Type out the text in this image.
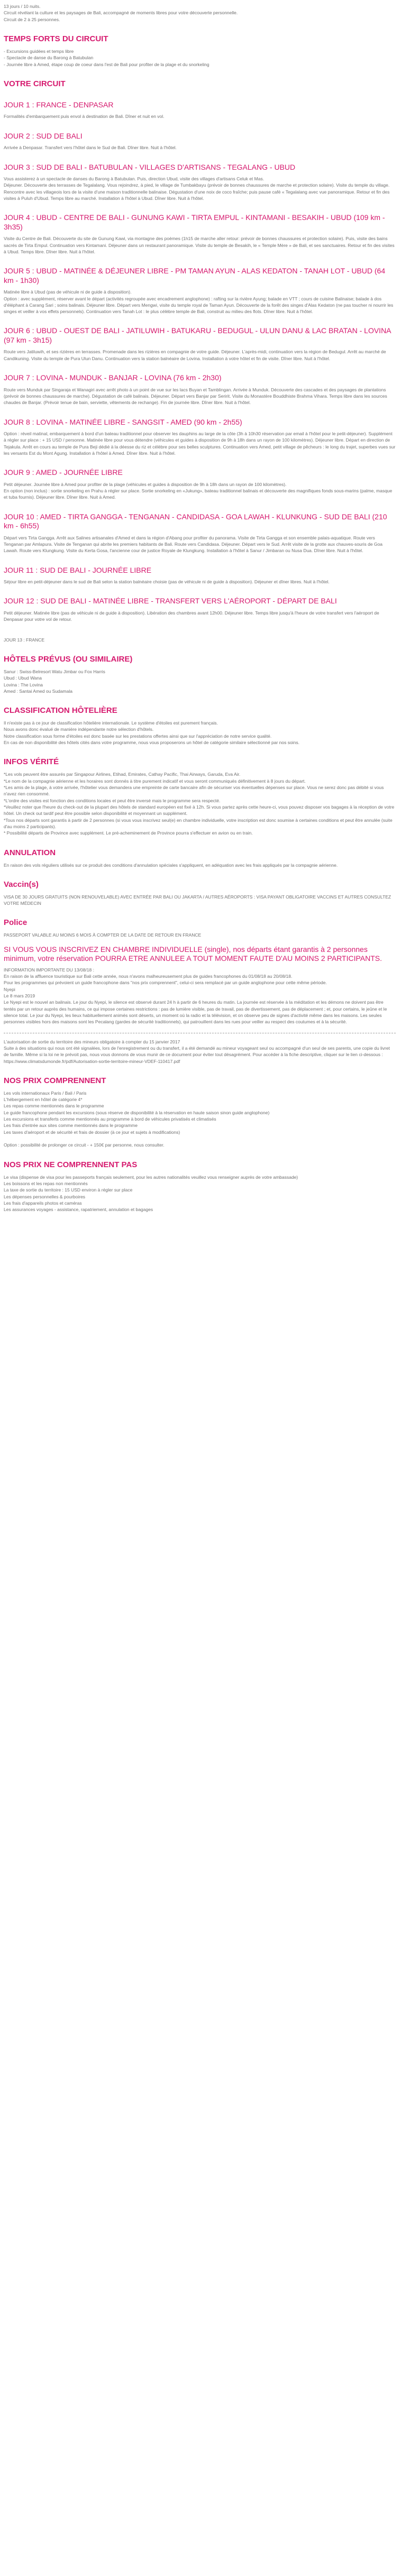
13 jours / 10 nuits.

Circuit révélant la culture et les paysages de Bali, accompagné de moments libres pour votre découverte personnelle.

Circuit de 2 à 25 personnes.

TEMPS FORTS DU CIRCUIT
- Excursions guidées et temps libre
- Spectacle de danse du Barong à Batubulan
- Journée libre à Amed, étape coup de coeur dans l'est de Bali pour profiter de la plage et du snorkeling
VOTRE CIRCUIT
JOUR 1 : FRANCE - DENPASAR

Formalités d'embarquement puis envol à destination de Bali. Dîner et nuit en vol.

JOUR 2 : SUD DE BALI

Arrivée à Denpasar. Transfert vers l'hôtel dans le Sud de Bali. Dîner libre. Nuit à l'hôtel.

JOUR 3 : SUD DE BALI - BATUBULAN - VILLAGES D'ARTISANS - TEGALANG - UBUD

Vous assisterez à un spectacle de danses du Barong à Batubulan. Puis, direction Ubud, visite des villages d'artisans Celuk et Mas.

Déjeuner. Découverte des terrasses de Tegalalang. Vous rejoindrez, à pied, le village de Tumbakbayu (prévoir de bonnes chaussures de marche et protection solaire). Visite du temple du village. Rencontre avec les villageois lors de la visite d'une maison traditionnelle balinaise. Dégustation d'une noix de coco fraîche; puis pause café « Tegalalang avec vue panoramique. Retour et fin des visites à Puluh d'Ubud. Temps libre au marché. Installation à l'hôtel à Ubud. Dîner libre. Nuit à l'hôtel.

JOUR 4 : UBUD - CENTRE DE BALI - GUNUNG KAWI - TIRTA EMPUL - KINTAMANI - BESAKIH - UBUD (109 km - 3h35)

Visite du Centre de Bali. Découverte du site de Gunung Kawi, via montagne des poèmes (1h15 de marche aller retour: prévoir de bonnes chaussures et protection solaire). Puis, visite des bains sacrés de Tirta Empul. Continuation vers Kintamani. Déjeuner dans un restaurant panoramique. Visite du temple de Besakih, le « Temple Mère » de Bali, et ses sanctuaires. Retour et fin des visites à Ubud. Temps libre. Dîner libre. Nuit à l'hôtel.

JOUR 5 : UBUD - MATINÉE & DÉJEUNER LIBRE - PM TAMAN AYUN - ALAS KEDATON - TANAH LOT - UBUD (64 km - 1h30)

Matinée libre à Ubud (pas de véhicule ni de guide à disposition).

Option : avec supplément, réserver avant le départ (activités regroupée avec encadrement anglophone) : rafting sur la rivière Ayung; balade en VTT ; cours de cuisine Balinaise; balade à dos d'éléphant à Carang Sari ; soins balinais. Déjeuner libre. Départ vers Mengwi, visite du temple royal de Taman Ayun. Découverte de la forêt des singes d'Alas Kedaton (ne pas toucher ni nourrir les singes et veiller à vos effets personnels). Continuation vers Tanah Lot : le plus célèbre temple de Bali, construit au milieu des flots. Dîner libre. Nuit à l'hôtel.

JOUR 6 : UBUD - OUEST DE BALI - JATILUWIH - BATUKARU - BEDUGUL - ULUN DANU & LAC BRATAN - LOVINA (97 km - 3h15)

Route vers Jatiluwih, et ses rizières en terrasses. Promenade dans les rizières en compagnie de votre guide. Déjeuner. L'après-midi, continuation vers la région de Bedugul. Arrêt au marché de Candikuning. Visite du temple de Pura Ulun Danu. Continuation vers la station balnéaire de Lovina. Installation à votre hôtel et fin de visite. Dîner libre. Nuit à l'hôtel.

JOUR 7 : LOVINA - MUNDUK - BANJAR - LOVINA (76 km - 2h30)

Route vers Munduk par Singaraja et Wanagiri avec arrêt photo à un point de vue sur les lacs Buyan et Tamblingan. Arrivée à Munduk. Découverte des cascades et des paysages de plantations (prévoir de bonnes chaussures de marche). Dégustation de café balinais. Déjeuner. Départ vers Banjar par Seririt. Visite du Monastère Bouddhiste Brahma Vihara. Temps libre dans les sources chaudes de Banjar. (Prévoir tenue de bain, serviette, vêtements de rechange). Fin de journée libre. Dîner libre. Nuit à l'hôtel.

JOUR 8 : LOVINA - MATINÉE LIBRE - SANGSIT - AMED (90 km - 2h55)

Option : réveil matinal, embarquement à bord d'un bateau traditionnel pour observer les dauphins au large de la côte (3h à 10h30 réservation par email à l'hôtel pour le petit-déjeuner). Supplément à régler sur place : + 15 USD / personne. Matinée libre pour vous détendre (véhicules et guides à disposition de 9h à 18h dans un rayon de 100 kilomètres). Déjeuner libre. Départ en direction de Tejakula. Arrêt en cours au temple de Pura Beji dédié à la déesse du riz et célèbre pour ses belles sculptures. Continuation vers Amed, petit village de pêcheurs : le long du trajet, superbes vues sur les versants Est du Mont Agung. Installation à l'hôtel à Amed. Dîner libre. Nuit à l'hôtel.

JOUR 9 : AMED - JOURNÉE LIBRE

Petit déjeuner. Journée libre à Amed pour profiter de la plage (véhicules et guides à disposition de 9h à 18h dans un rayon de 100 kilomètres).

En option (non inclus) : sortie snorkeling en Prahu à régler sur place. Sortie snorkeling en «Jukung», bateau traditionnel balinais et découverte des magnifiques fonds sous-marins (palme, masque et tuba fournis). Déjeuner libre. Dîner libre. Nuit à Amed.

JOUR 10 : AMED - TIRTA GANGGA - TENGANAN - CANDIDASA - GOA LAWAH - KLUNKUNG - SUD DE BALI (210 km - 6h55)

Départ vers Tirta Gangga. Arrêt aux Salines artisanales d'Amed et dans la région d'Abang pour profiter du panorama. Visite de Tirta Gangga et son ensemble palais-aquatique. Route vers Tenganan par Amlapura. Visite de Tenganan qui abrite les premiers habitants de Bali. Route vers Candidasa. Déjeuner. Départ vers le Sud. Arrêt visite de la grotte aux chauves-souris de Goa Lawah. Route vers Klungkung. Visite du Kerta Gosa, l'ancienne cour de justice Royale de Klungkung. Installation à l'hôtel à Sanur / Jimbaran ou Nusa Dua. Dîner libre. Nuit à l'hôtel.

JOUR 11 : SUD DE BALI - JOURNÉE LIBRE

Séjour libre en petit-déjeuner dans le sud de Bali selon la station balnéaire choisie (pas de véhicule ni de guide à disposition). Déjeuner et dîner libres. Nuit à l'hôtel.

JOUR 12 : SUD DE BALI - MATINÉE LIBRE - TRANSFERT VERS L'AÉROPORT - DÉPART DE BALI

Petit déjeuner. Matinée libre (pas de véhicule ni de guide à disposition). Libération des chambres avant 12h00. Déjeuner libre. Temps libre jusqu'à l'heure de votre transfert vers l'aéroport de Denpasar pour votre vol de retour.

JOUR 13 : FRANCE

HÔTELS PRÉVUS (OU SIMILAIRE)
Sanur : Swiss-Belresort Watu Jimbar ou Fox Harris
Ubud : Ubud Wana
Lovina : The Lovina
Amed : Santai Amed ou Sudamala
CLASSIFICATION HÔTELIÈRE

Il n'existe pas à ce jour de classification hôtelière internationale. Le système d'étoiles est purement français.

Nous avons donc évalué de manière indépendante notre sélection d'hôtels.

Notre classification sous forme d'étoiles est donc basée sur les prestations offertes ainsi que sur l'appréciation de notre service qualité.

En cas de non disponibilité des hôtels cités dans votre programme, nous vous proposerons un hôtel de catégorie similaire sélectionné par nos soins.

INFOS VÉRITÉ

*Les vols peuvent être assurés par Singapour Airlines, Etihad, Emirates, Cathay Pacific, Thai Airways, Garuda, Eva Air.

*Le nom de la compagnie aérienne et les horaires sont donnés à titre purement indicatif et vous seront communiqués définitivement à 8 jours du départ.

*Les amis de la plage, à votre arrivée, l'hôtelier vous demandera une empreinte de carte bancaire afin de sécuriser vos éventuelles dépenses sur place. Vous ne serez donc pas débité si vous n'avez rien consommé.

*L'ordre des visites est fonction des conditions locales et peut être inversé mais le programme sera respecté.

*Veuillez noter que l'heure du check-out de la plupart des hôtels de standard européen est fixé à 12h. Si vous partez après cette heure-ci, vous pouvez disposer vos bagages à la réception de votre hôtel. Un check out tardif peut être possible selon disponibilité et moyennant un supplément.

*Tous nos départs sont garantis à partir de 2 personnes (si vous vous inscrivez seul(e) en chambre individuelle, votre inscription est donc soumise à certaines conditions et peut être annulée (suite d'au moins 2 participants).

* Possibilité départs de Province avec supplément. Le pré-acheminement de Province pourra s'effectuer en avion ou en train.

ANNULATION

En raison des vols réguliers utilisés sur ce produit des conditions d'annulation spéciales s'appliquent, en adéquation avec les frais appliqués par la compagnie aérienne.

Vaccin(s)

VISA DE 30 JOURS GRATUITS (NON RENOUVELABLE) AVEC ENTRÉE PAR BALI OU JAKARTA / AUTRES AÉROPORTS : VISA PAYANT OBLIGATOIRE VACCINS ET AUTRES CONSULTEZ VOTRE MÉDECIN

Police

PASSEPORT VALABLE AU MOINS 6 MOIS À COMPTER DE LA DATE DE RETOUR EN FRANCE

SI VOUS VOUS INSCRIVEZ EN CHAMBRE INDIVIDUELLE (single), nos départs étant garantis à 2 personnes minimum, votre réservation POURRA ETRE ANNULEE A TOUT MOMENT FAUTE D'AU MOINS 2 PARTICIPANTS.

INFORMATION IMPORTANTE DU 13/08/18 :

En raison de la affluence touristique sur Bali cette année, nous n'avons malheureusement plus de guides francophones du 01/08/18 au 20/08/18.

Pour les programmes qui prévoient un guide francophone dans "nos prix comprennent", celui-ci sera remplacé par un guide anglophone pour cette même période.

Nyepi

Le 8 mars 2019

Le Nyepi est le nouvel an balinais. Le jour du Nyepi, le silence est observé durant 24 h à partir de 6 heures du matin. La journée est réservée à la méditation et les démons ne doivent pas être tentés par un retour auprès des humains, ce qui impose certaines restrictions : pas de lumière visible, pas de travail, pas de divertissement, pas de déplacement ; et, pour certains, le jeûne et le silence total. Le jour du Nyepi, les lieux habituellement animés sont déserts, un moment où la radio et la télévision, et on observe peu de signes d'activité même dans les maisons. Les seules personnes visibles hors des maisons sont les Pecalang (gardes de sécurité traditionnels), qui patrouillent dans les rues pour veiller au respect des coutumes et à la sécurité.

L'autorisation de sortie du territoire des mineurs obligatoire à compter du 15 janvier 2017

Suite à des situations qui nous ont été signalées, lors de l'enregistrement ou du transfert, il a été demandé au mineur voyageant seul ou accompagné d'un seul de ses parents, une copie du livret de famille. Même si la loi ne le prévoit pas, nous vous donnons de vous munir de ce document pour éviter tout désagrément. Pour accéder à la fiche descriptive, cliquer sur le lien ci-dessous :

https://www.climatsdumonde.fr/pdf/Autorisation-sortie-territoire-mineur-VDEF-110417.pdf

NOS PRIX COMPRENNENT
Les vols internationaux Paris / Bali / Paris
L'hébergement en hôtel de catégorie 4*
Les repas comme mentionnés dans le programme
Le guide francophone pendant les excursions (sous réserve de disponibilité à la réservation en haute saison sinon guide anglophone)
Les excursions et transferts comme mentionnés au programme à bord de véhicules privatisés et climatisés
Les frais d'entrée aux sites comme mentionnés dans le programme
Les taxes d'aéroport et de sécurité et frais de dossier (à ce jour et sujets à modifications)

Option : possibilité de prolonger ce circuit - + 150€ par personne, nous consulter.
NOS PRIX NE COMPRENNENT PAS
Le visa (dispense de visa pour les passeports français seulement, pour les autres nationalités veuillez vous renseigner auprès de votre ambassade)
Les boissons et les repas non mentionnés
La taxe de sortie du territoire : 15 USD environ à régler sur place
Les dépenses personnelles & pourboires
Les frais d'appareils photos et caméras
Les assurances voyages - assistance, rapatriement, annulation et bagages
